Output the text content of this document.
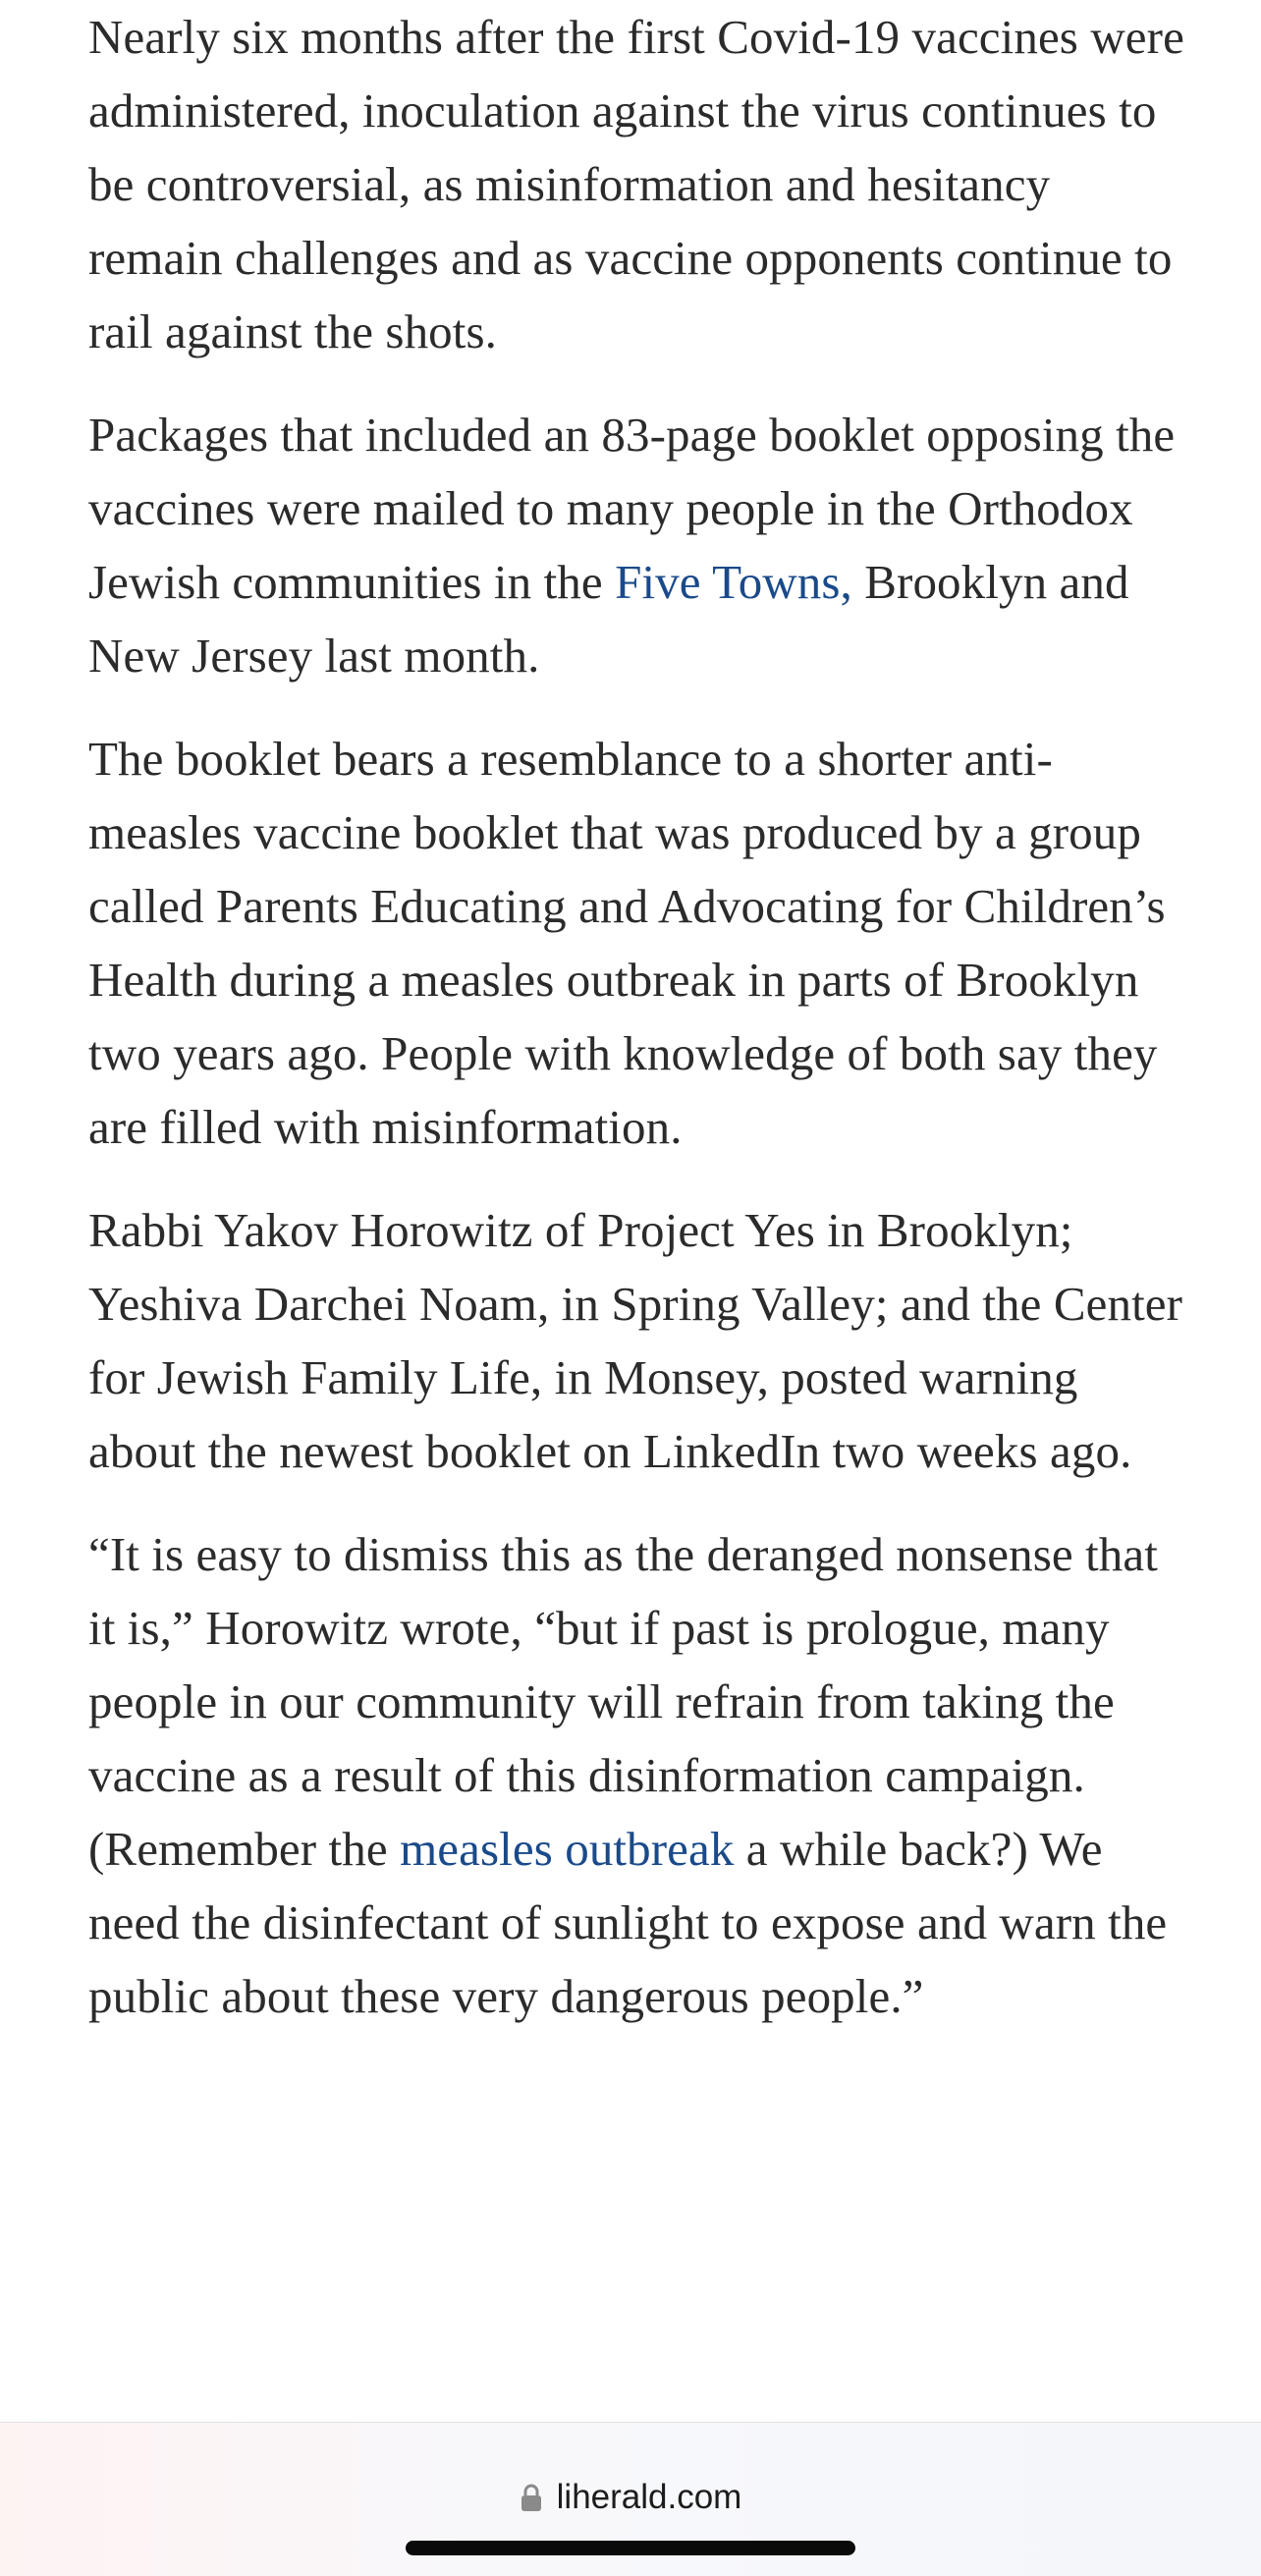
Nearly six months after the first Covid-19 vaccines were administered, inoculation against the virus continues to be controversial, as misinformation and hesitancy remain challenges and as vaccine opponents continue to rail against the shots.

Packages that included an 83-page booklet opposing the vaccines were mailed to many people in the Orthodox Jewish communities in the Five Towns, Brooklyn and New Jersey last month.

The booklet bears a resemblance to a shorter anti-measles vaccine booklet that was produced by a group called Parents Educating and Advocating for Children’s Health during a measles outbreak in parts of Brooklyn two years ago. People with knowledge of both say they are filled with misinformation.

Rabbi Yakov Horowitz of Project Yes in Brooklyn; Yeshiva Darchei Noam, in Spring Valley; and the Center for Jewish Family Life, in Monsey, posted warning about the newest booklet on LinkedIn two weeks ago.

“It is easy to dismiss this as the deranged nonsense that it is,” Horowitz wrote, “but if past is prologue, many people in our community will refrain from taking the vaccine as a result of this disinformation campaign. (Remember the measles outbreak a while back?) We need the disinfectant of sunlight to expose and warn the public about these very dangerous people.”

liherald.com
